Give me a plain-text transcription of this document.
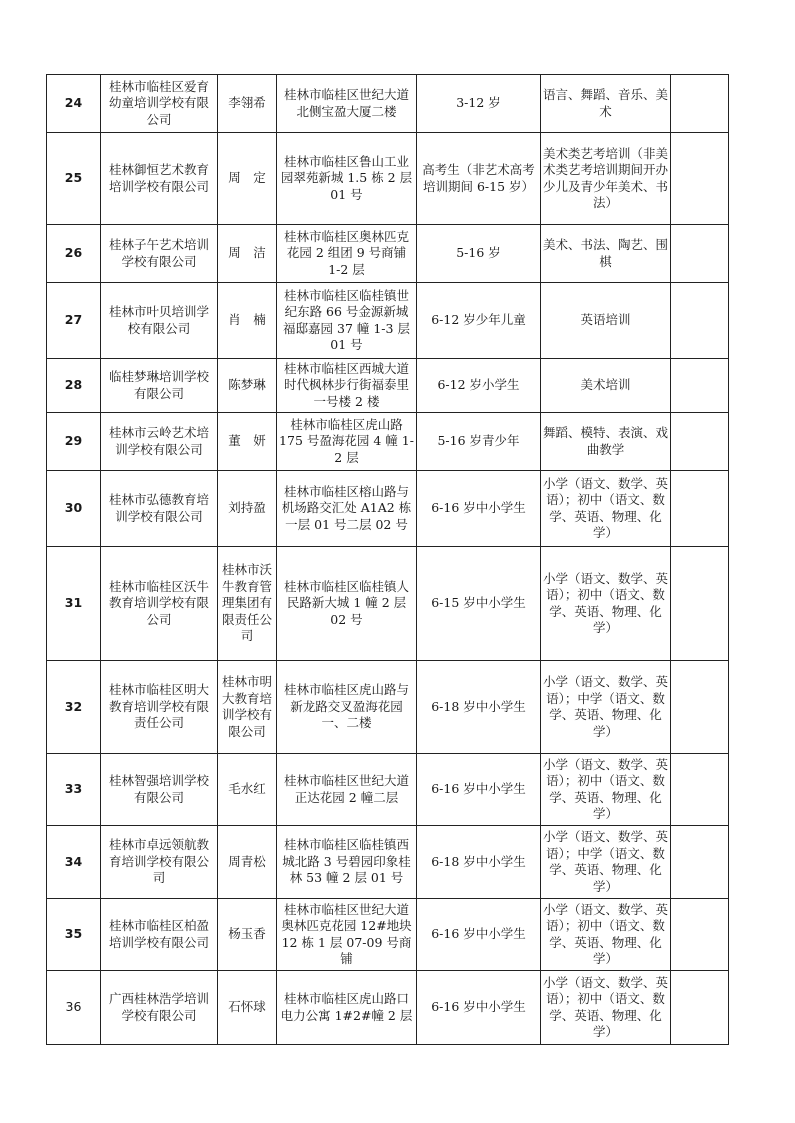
24	桂林市临桂区爱育幼童培训学校有限公司	李翎希	桂林市临桂区世纪大道北侧宝盈大厦二楼	3-12 岁	语言、舞蹈、音乐、美术	
25	桂林御恒艺术教育培训学校有限公司	周　定	桂林市临桂区鲁山工业园翠苑新城 1.5 栋 2 层 01 号	高考生（非艺术高考培训期间 6-15 岁）	美术类艺考培训（非美术类艺考培训期间开办少儿及青少年美术、书法）	
26	桂林子午艺术培训学校有限公司	周　洁	桂林市临桂区奥林匹克花园 2 组团 9 号商铺 1-2 层	5-16 岁	美术、书法、陶艺、围棋	
27	桂林市叶贝培训学校有限公司	肖　楠	桂林市临桂区临桂镇世纪东路 66 号金源新城福邸嘉园 37 幢 1-3 层 01 号	6-12 岁少年儿童	英语培训	
28	临桂梦琳培训学校有限公司	陈梦琳	桂林市临桂区西城大道时代枫林步行街福泰里一号楼 2 楼	6-12 岁小学生	美术培训	
29	桂林市云岭艺术培训学校有限公司	董　妍	桂林市临桂区虎山路 175 号盈海花园 4 幢 1-2 层	5-16 岁青少年	舞蹈、模特、表演、戏曲教学	
30	桂林市弘德教育培训学校有限公司	刘持盈	桂林市临桂区榕山路与机场路交汇处 A1A2 栋一层 01 号二层 02 号	6-16 岁中小学生	小学（语文、数学、英语）；初中（语文、数学、英语、物理、化学）	
31	桂林市临桂区沃牛教育培训学校有限公司	桂林市沃牛教育管理集团有限责任公司	桂林市临桂区临桂镇人民路新大城 1 幢 2 层 02 号	6-15 岁中小学生	小学（语文、数学、英语）；初中（语文、数学、英语、物理、化学）	
32	桂林市临桂区明大教育培训学校有限责任公司	桂林市明大教育培训学校有限公司	桂林市临桂区虎山路与新龙路交叉盈海花园一、二楼	6-18 岁中小学生	小学（语文、数学、英语）；中学（语文、数学、英语、物理、化学）	
33	桂林智强培训学校有限公司	毛水红	桂林市临桂区世纪大道正达花园 2 幢二层	6-16 岁中小学生	小学（语文、数学、英语）；初中（语文、数学、英语、物理、化学）	
34	桂林市卓远领航教育培训学校有限公司	周青松	桂林市临桂区临桂镇西城北路 3 号碧园印象桂林 53 幢 2 层 01 号	6-18 岁中小学生	小学（语文、数学、英语）；中学（语文、数学、英语、物理、化学）	
35	桂林市临桂区柏盈培训学校有限公司	杨玉香	桂林市临桂区世纪大道奥林匹克花园 12#地块 12 栋 1 层 07-09 号商铺	6-16 岁中小学生	小学（语文、数学、英语）；初中（语文、数学、英语、物理、化学）	
36	广西桂林浩学培训学校有限公司	石怀球	桂林市临桂区虎山路口电力公寓 1#2#幢 2 层	6-16 岁中小学生	小学（语文、数学、英语）；初中（语文、数学、英语、物理、化学）	
